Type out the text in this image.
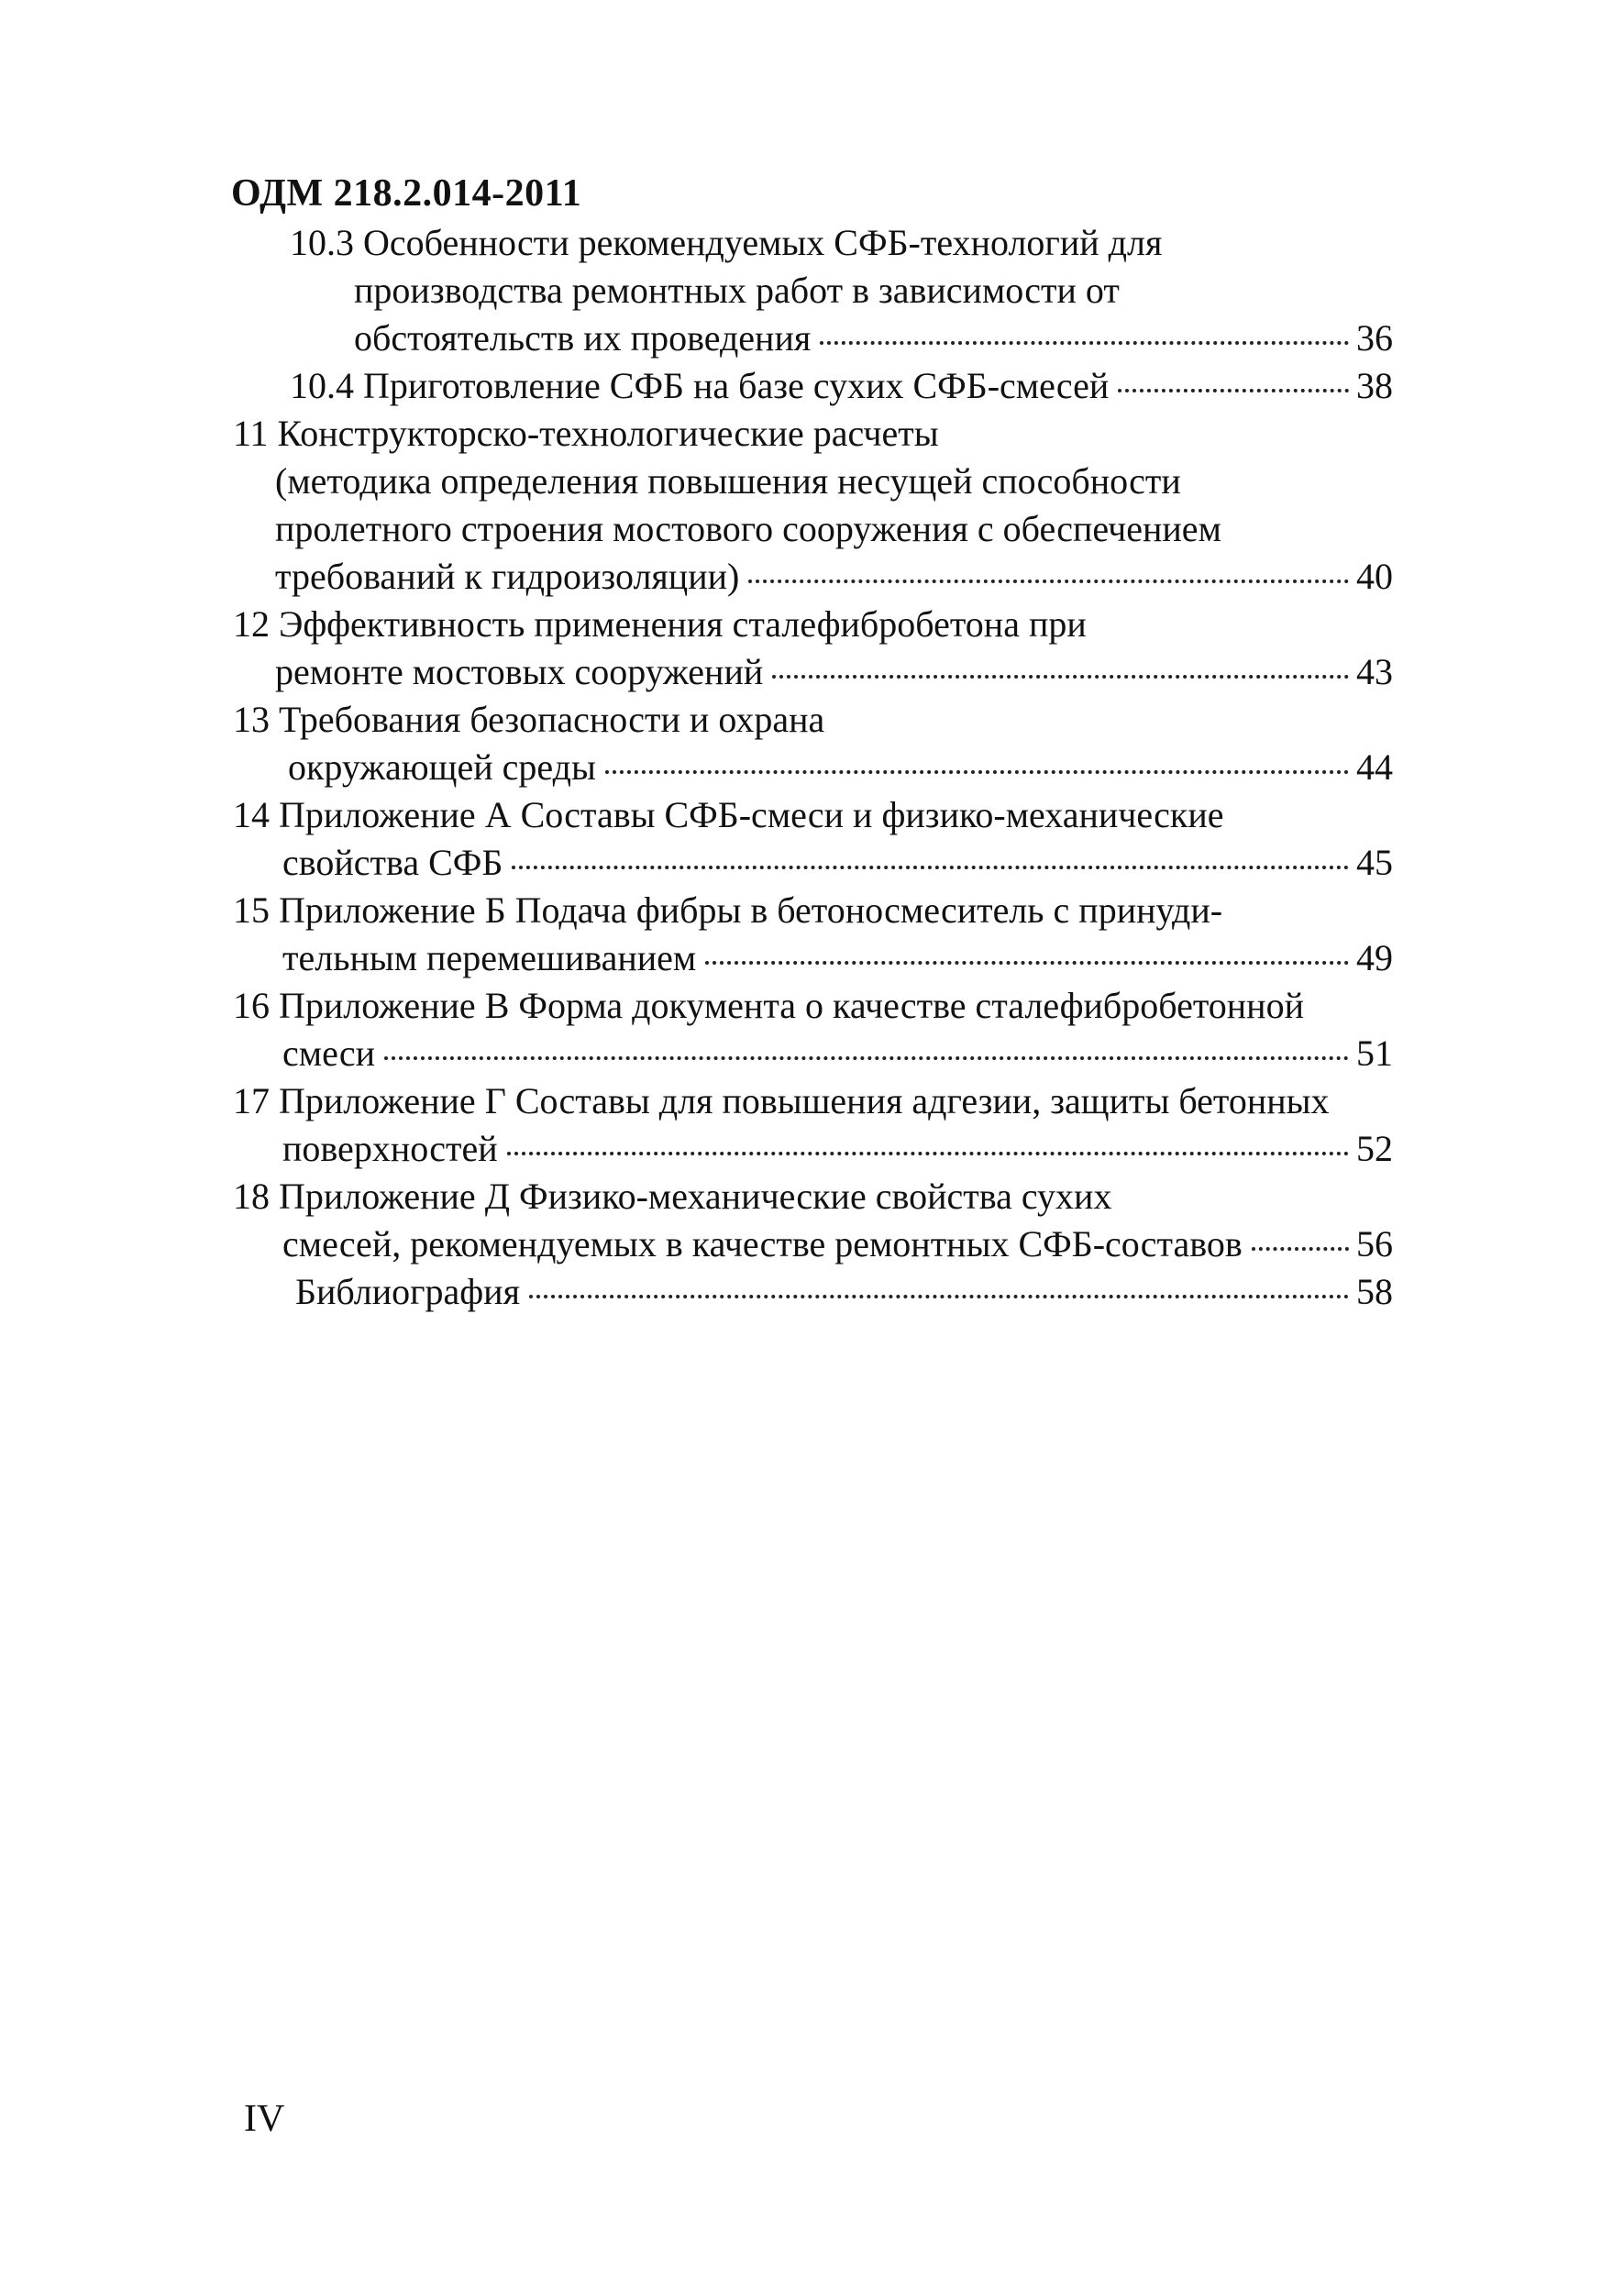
ОДМ 218.2.014-2011
10.3 Особенности рекомендуемых СФБ-технологий для
производства ремонтных работ в зависимости от
обстоятельств их проведения	36
10.4 Приготовление СФБ на базе сухих СФБ-смесей	38
11 Конструкторско-технологические расчеты
(методика определения повышения несущей способности
пролетного строения мостового сооружения с обеспечением
требований к гидроизоляции)	40
12 Эффективность применения сталефибробетона при
ремонте мостовых сооружений	43
13 Требования безопасности и охрана
окружающей среды	44
14 Приложение А Составы СФБ-смеси и физико-механические
свойства СФБ	45
15 Приложение Б Подача фибры в бетоносмеситель с принуди-
тельным перемешиванием	49
16 Приложение В Форма документа о качестве сталефибробетонной
смеси	51
17 Приложение Г Составы для повышения адгезии, защиты бетонных
поверхностей	52
18 Приложение Д Физико-механические свойства сухих
смесей, рекомендуемых в качестве ремонтных СФБ-составов	56
Библиография	58
IV
